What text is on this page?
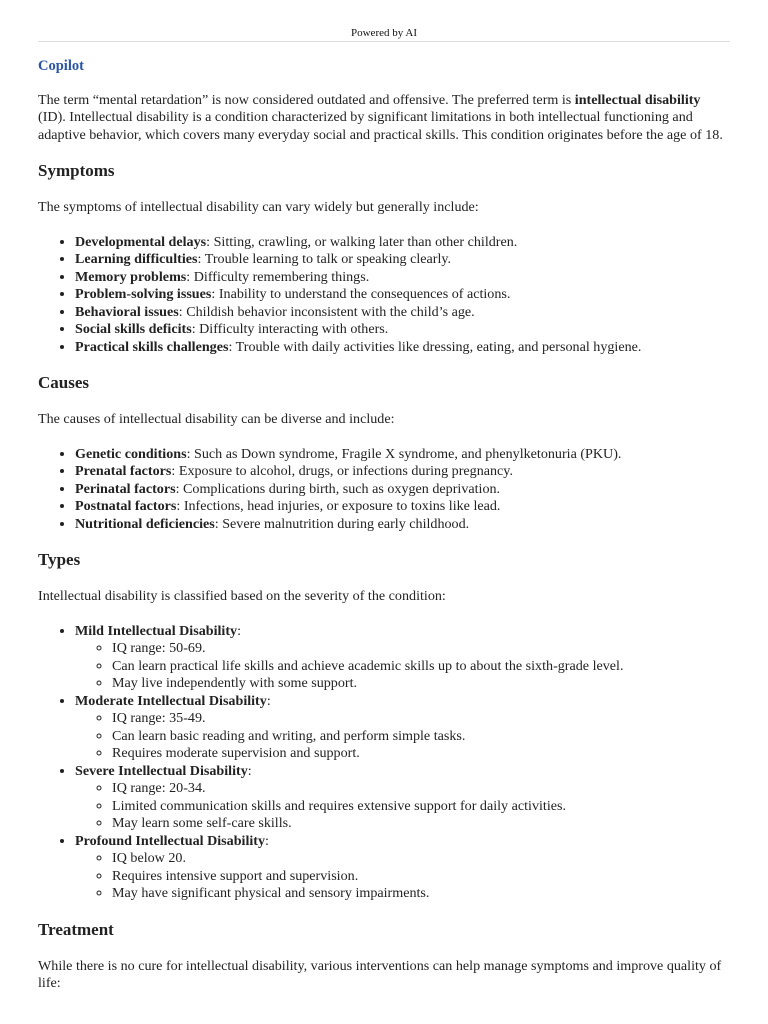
Powered by AI
Copilot

The term “mental retardation” is now considered outdated and offensive. The preferred term is intellectual disability (ID). Intellectual disability is a condition characterized by significant limitations in both intellectual functioning and adaptive behavior, which covers many everyday social and practical skills. This condition originates before the age of 18.

Symptoms

The symptoms of intellectual disability can vary widely but generally include:

• Developmental delays: Sitting, crawling, or walking later than other children.
• Learning difficulties: Trouble learning to talk or speaking clearly.
• Memory problems: Difficulty remembering things.
• Problem-solving issues: Inability to understand the consequences of actions.
• Behavioral issues: Childish behavior inconsistent with the child’s age.
• Social skills deficits: Difficulty interacting with others.
• Practical skills challenges: Trouble with daily activities like dressing, eating, and personal hygiene.
Causes

The causes of intellectual disability can be diverse and include:

• Genetic conditions: Such as Down syndrome, Fragile X syndrome, and phenylketonuria (PKU).
• Prenatal factors: Exposure to alcohol, drugs, or infections during pregnancy.
• Perinatal factors: Complications during birth, such as oxygen deprivation.
• Postnatal factors: Infections, head injuries, or exposure to toxins like lead.
• Nutritional deficiencies: Severe malnutrition during early childhood.
Types

Intellectual disability is classified based on the severity of the condition:

• Mild Intellectual Disability:
◦ IQ range: 50-69.
◦ Can learn practical life skills and achieve academic skills up to about the sixth-grade level.
◦ May live independently with some support.
• Moderate Intellectual Disability:
◦ IQ range: 35-49.
◦ Can learn basic reading and writing, and perform simple tasks.
◦ Requires moderate supervision and support.
• Severe Intellectual Disability:
◦ IQ range: 20-34.
◦ Limited communication skills and requires extensive support for daily activities.
◦ May learn some self-care skills.
• Profound Intellectual Disability:
◦ IQ below 20.
◦ Requires intensive support and supervision.
◦ May have significant physical and sensory impairments.
Treatment

While there is no cure for intellectual disability, various interventions can help manage symptoms and improve quality of life:
